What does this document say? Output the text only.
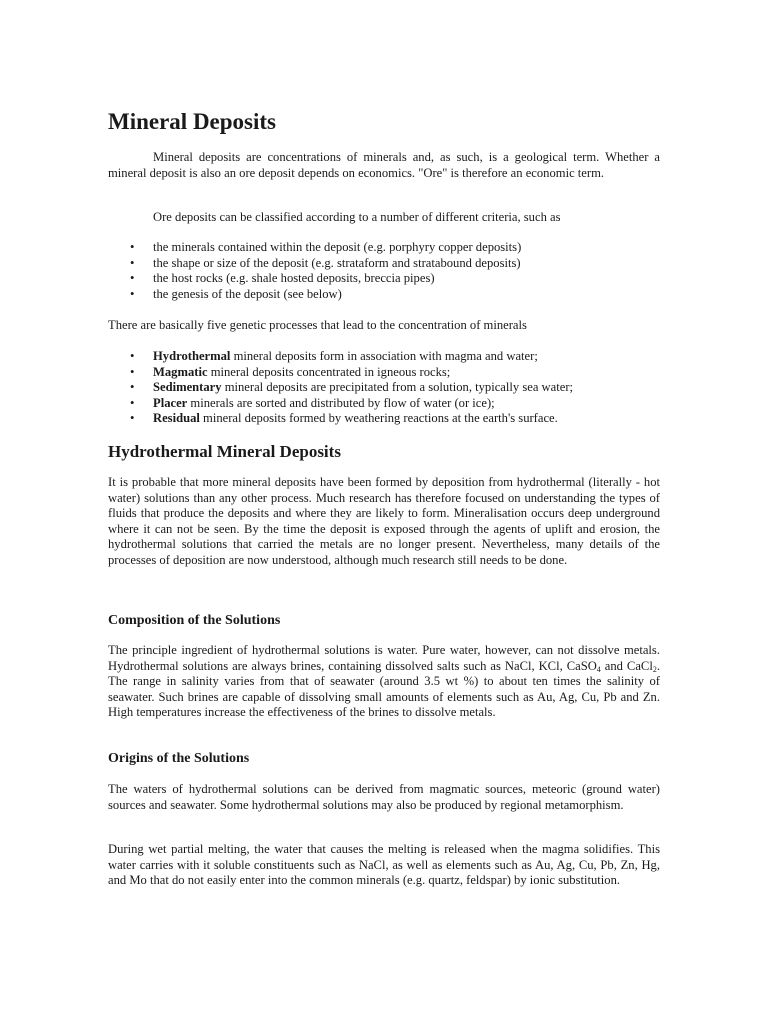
Mineral Deposits

Mineral deposits are concentrations of minerals and, as such, is a geological term. Whether a mineral deposit is also an ore deposit depends on economics. "Ore" is therefore an economic term.

Ore deposits can be classified according to a number of different criteria, such as

• the minerals contained within the deposit (e.g. porphyry copper deposits)
• the shape or size of the deposit (e.g. strataform and stratabound deposits)
• the host rocks (e.g. shale hosted deposits, breccia pipes)
• the genesis of the deposit (see below)

There are basically five genetic processes that lead to the concentration of minerals

• Hydrothermal mineral deposits form in association with magma and water;
• Magmatic mineral deposits concentrated in igneous rocks;
• Sedimentary mineral deposits are precipitated from a solution, typically sea water;
• Placer minerals are sorted and distributed by flow of water (or ice);
• Residual mineral deposits formed by weathering reactions at the earth's surface.
Hydrothermal Mineral Deposits

It is probable that more mineral deposits have been formed by deposition from hydrothermal (literally - hot water) solutions than any other process. Much research has therefore focused on understanding the types of fluids that produce the deposits and where they are likely to form. Mineralisation occurs deep underground where it can not be seen. By the time the deposit is exposed through the agents of uplift and erosion, the hydrothermal solutions that carried the metals are no longer present. Nevertheless, many details of the processes of deposition are now understood, although much research still needs to be done.

Composition of the Solutions

The principle ingredient of hydrothermal solutions is water. Pure water, however, can not dissolve metals. Hydrothermal solutions are always brines, containing dissolved salts such as NaCl, KCl, CaSO$_4$ and CaCl$_2$. The range in salinity varies from that of seawater (around 3.5 wt %) to about ten times the salinity of seawater. Such brines are capable of dissolving small amounts of elements such as Au, Ag, Cu, Pb and Zn. High temperatures increase the effectiveness of the brines to dissolve metals.

Origins of the Solutions

The waters of hydrothermal solutions can be derived from magmatic sources, meteoric (ground water) sources and seawater. Some hydrothermal solutions may also be produced by regional metamorphism.

During wet partial melting, the water that causes the melting is released when the magma solidifies. This water carries with it soluble constituents such as NaCl, as well as elements such as Au, Ag, Cu, Pb, Zn, Hg, and Mo that do not easily enter into the common minerals (e.g. quartz, feldspar) by ionic substitution.
